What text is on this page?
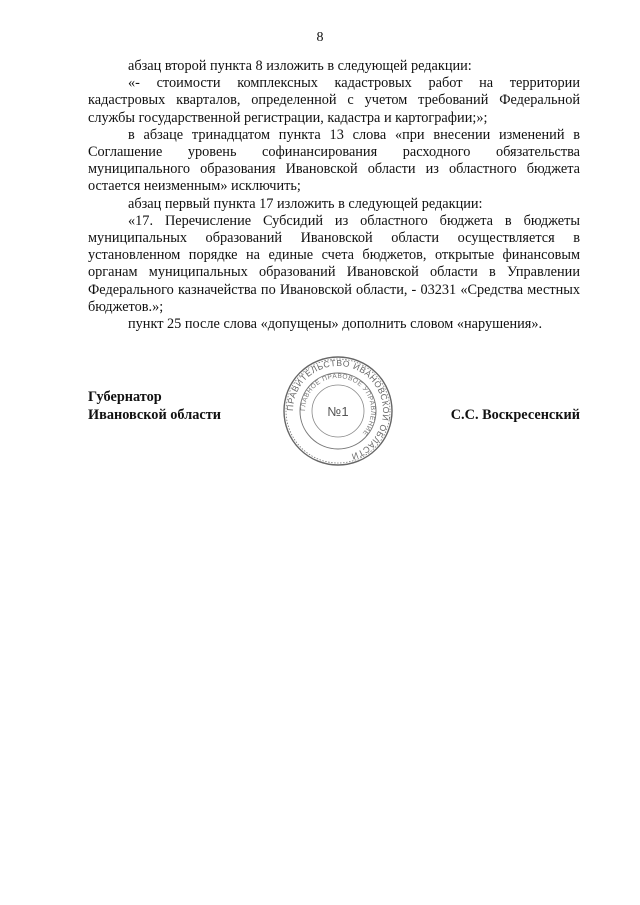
8

абзац второй пункта 8 изложить в следующей редакции:

«- стоимости комплексных кадастровых работ на территории кадастровых кварталов, определенной с учетом требований Федеральной службы государственной регистрации, кадастра и картографии;»;

в абзаце тринадцатом пункта 13 слова «при внесении изменений в Соглашение уровень софинансирования расходного обязательства муниципального образования Ивановской области из областного бюджета остается неизменным» исключить;

абзац первый пункта 17 изложить в следующей редакции:

«17. Перечисление Субсидий из областного бюджета в бюджеты муниципальных образований Ивановской области осуществляется в установленном порядке на единые счета бюджетов, открытые финансовым органам муниципальных образований Ивановской области в Управлении Федерального казначейства по Ивановской области, - 03231 «Средства местных бюджетов.»;

пункт 25 после слова «допущены» дополнить словом «нарушения».

Губернатор
Ивановской области	С.С. Воскресенский
ПРАВИТЕЛЬСТВО ИВАНОВСКОЙ ОБЛАСТИ
ГЛАВНОЕ ПРАВОВОЕ УПРАВЛЕНИЕ
№1
